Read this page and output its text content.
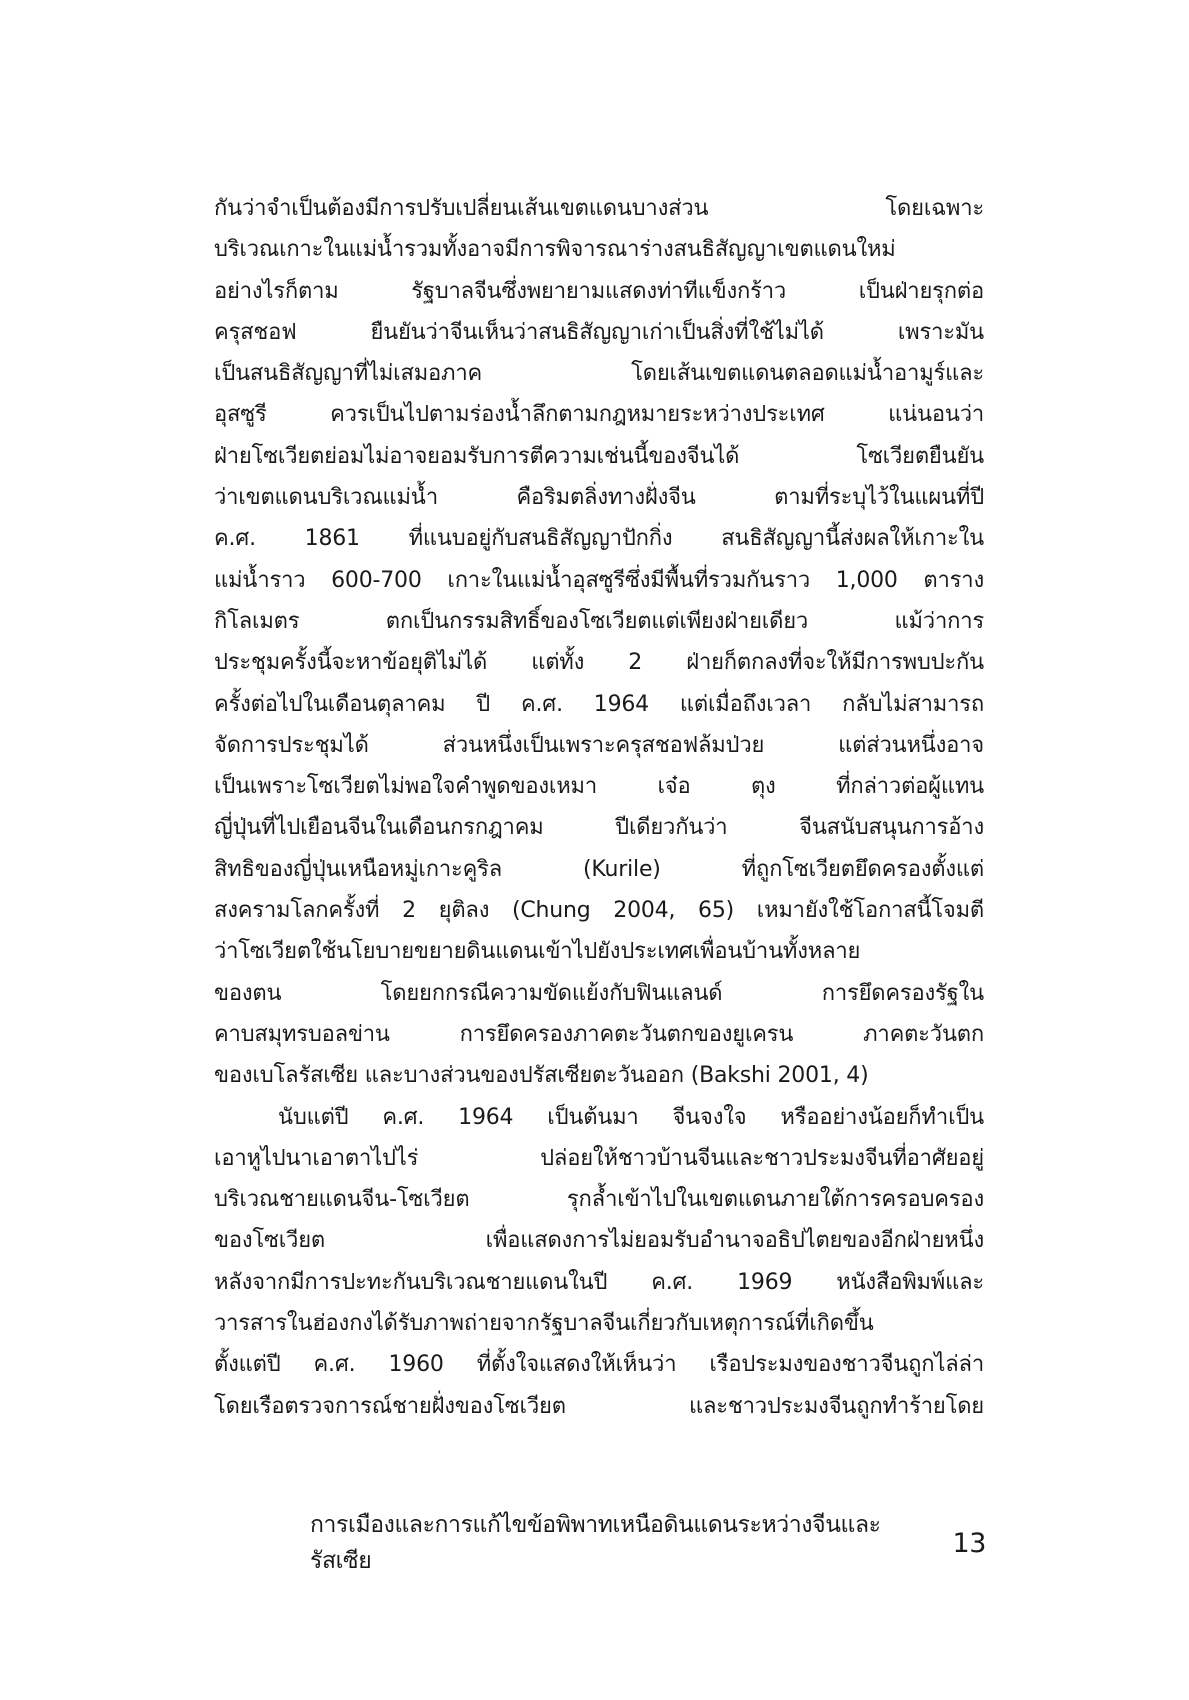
กันว่าจำเป็นต้องมีการปรับเปลี่ยนเส้นเขตแดนบางส่วน โดยเฉพาะ
บริเวณเกาะในแม่น้ำรวมทั้งอาจมีการพิจารณาร่างสนธิสัญญาเขตแดนใหม่
อย่างไรก็ตาม รัฐบาลจีนซึ่งพยายามแสดงท่าทีแข็งกร้าว เป็นฝ่ายรุกต่อ
ครุสชอฟ ยืนยันว่าจีนเห็นว่าสนธิสัญญาเก่าเป็นสิ่งที่ใช้ไม่ได้ เพราะมัน
เป็นสนธิสัญญาที่ไม่เสมอภาค โดยเส้นเขตแดนตลอดแม่น้ำอามูร์และ
อุสซูรี ควรเป็นไปตามร่องน้ำลึกตามกฎหมายระหว่างประเทศ แน่นอนว่า
ฝ่ายโซเวียตย่อมไม่อาจยอมรับการตีความเช่นนี้ของจีนได้ โซเวียตยืนยัน
ว่าเขตแดนบริเวณแม่น้ำ คือริมตลิ่งทางฝั่งจีน ตามที่ระบุไว้ในแผนที่ปี
ค.ศ. 1861 ที่แนบอยู่กับสนธิสัญญาปักกิ่ง สนธิสัญญานี้ส่งผลให้เกาะใน
แม่น้ำราว 600-700 เกาะในแม่น้ำอุสซูรีซึ่งมีพื้นที่รวมกันราว 1,000 ตาราง
กิโลเมตร ตกเป็นกรรมสิทธิ์ของโซเวียตแต่เพียงฝ่ายเดียว แม้ว่าการ
ประชุมครั้งนี้จะหาข้อยุติไม่ได้ แต่ทั้ง 2 ฝ่ายก็ตกลงที่จะให้มีการพบปะกัน
ครั้งต่อไปในเดือนตุลาคม ปี ค.ศ. 1964 แต่เมื่อถึงเวลา กลับไม่สามารถ
จัดการประชุมได้ ส่วนหนึ่งเป็นเพราะครุสชอฟล้มป่วย แต่ส่วนหนึ่งอาจ
เป็นเพราะโซเวียตไม่พอใจคำพูดของเหมา เจ๋อ ตุง ที่กล่าวต่อผู้แทน
ญี่ปุ่นที่ไปเยือนจีนในเดือนกรกฎาคม ปีเดียวกันว่า จีนสนับสนุนการอ้าง
สิทธิของญี่ปุ่นเหนือหมู่เกาะคูริล (Kurile) ที่ถูกโซเวียตยึดครองตั้งแต่
สงครามโลกครั้งที่ 2 ยุติลง (Chung 2004, 65) เหมายังใช้โอกาสนี้โจมตี
ว่าโซเวียตใช้นโยบายขยายดินแดนเข้าไปยังประเทศเพื่อนบ้านทั้งหลาย
ของตน โดยยกกรณีความขัดแย้งกับฟินแลนด์ การยึดครองรัฐใน
คาบสมุทรบอลข่าน การยึดครองภาคตะวันตกของยูเครน ภาคตะวันตก
ของเบโลรัสเซีย และบางส่วนของปรัสเซียตะวันออก (Bakshi 2001, 4)
นับแต่ปี ค.ศ. 1964 เป็นต้นมา จีนจงใจ หรืออย่างน้อยก็ทำเป็น
เอาหูไปนาเอาตาไปไร่ ปล่อยให้ชาวบ้านจีนและชาวประมงจีนที่อาศัยอยู่
บริเวณชายแดนจีน-โซเวียต รุกล้ำเข้าไปในเขตแดนภายใต้การครอบครอง
ของโซเวียต เพื่อแสดงการไม่ยอมรับอำนาจอธิปไตยของอีกฝ่ายหนึ่ง
หลังจากมีการปะทะกันบริเวณชายแดนในปี ค.ศ. 1969 หนังสือพิมพ์และ
วารสารในฮ่องกงได้รับภาพถ่ายจากรัฐบาลจีนเกี่ยวกับเหตุการณ์ที่เกิดขึ้น
ตั้งแต่ปี ค.ศ. 1960 ที่ตั้งใจแสดงให้เห็นว่า เรือประมงของชาวจีนถูกไล่ล่า
โดยเรือตรวจการณ์ชายฝั่งของโซเวียต และชาวประมงจีนถูกทำร้ายโดย
การเมืองและการแก้ไขข้อพิพาทเหนือดินแดนระหว่างจีนและรัสเซีย
13
